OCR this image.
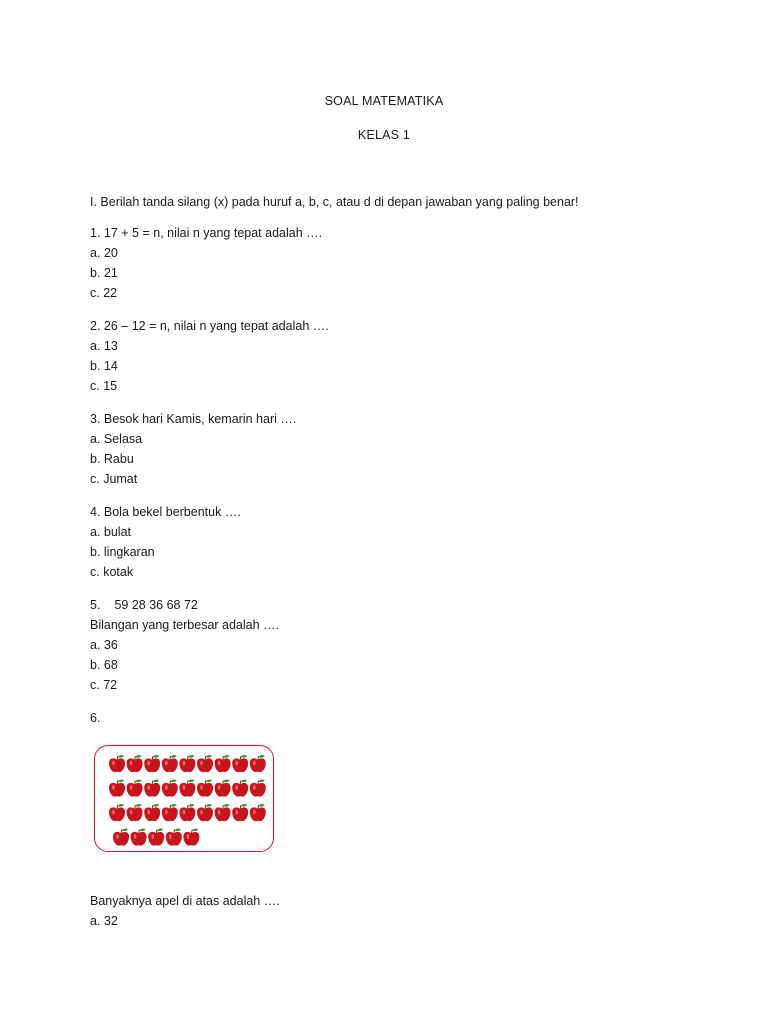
SOAL MATEMATIKA
KELAS 1
I. Berilah tanda silang (x) pada huruf a, b, c, atau d di depan jawaban yang paling benar!
1. 17 + 5 = n, nilai n yang tepat adalah ….
a. 20
b. 21
c. 22
2. 26 – 12 = n, nilai n yang tepat adalah ….
a. 13
b. 14
c. 15
3. Besok hari Kamis, kemarin hari ….
a. Selasa
b. Rabu
c. Jumat
4. Bola bekel berbentuk ….
a. bulat
b. lingkaran
c. kotak
5. 59 28 36 68 72
Bilangan yang terbesar adalah ….
a. 36
b. 68
c. 72
6.
Banyaknya apel di atas adalah ….
a. 32
